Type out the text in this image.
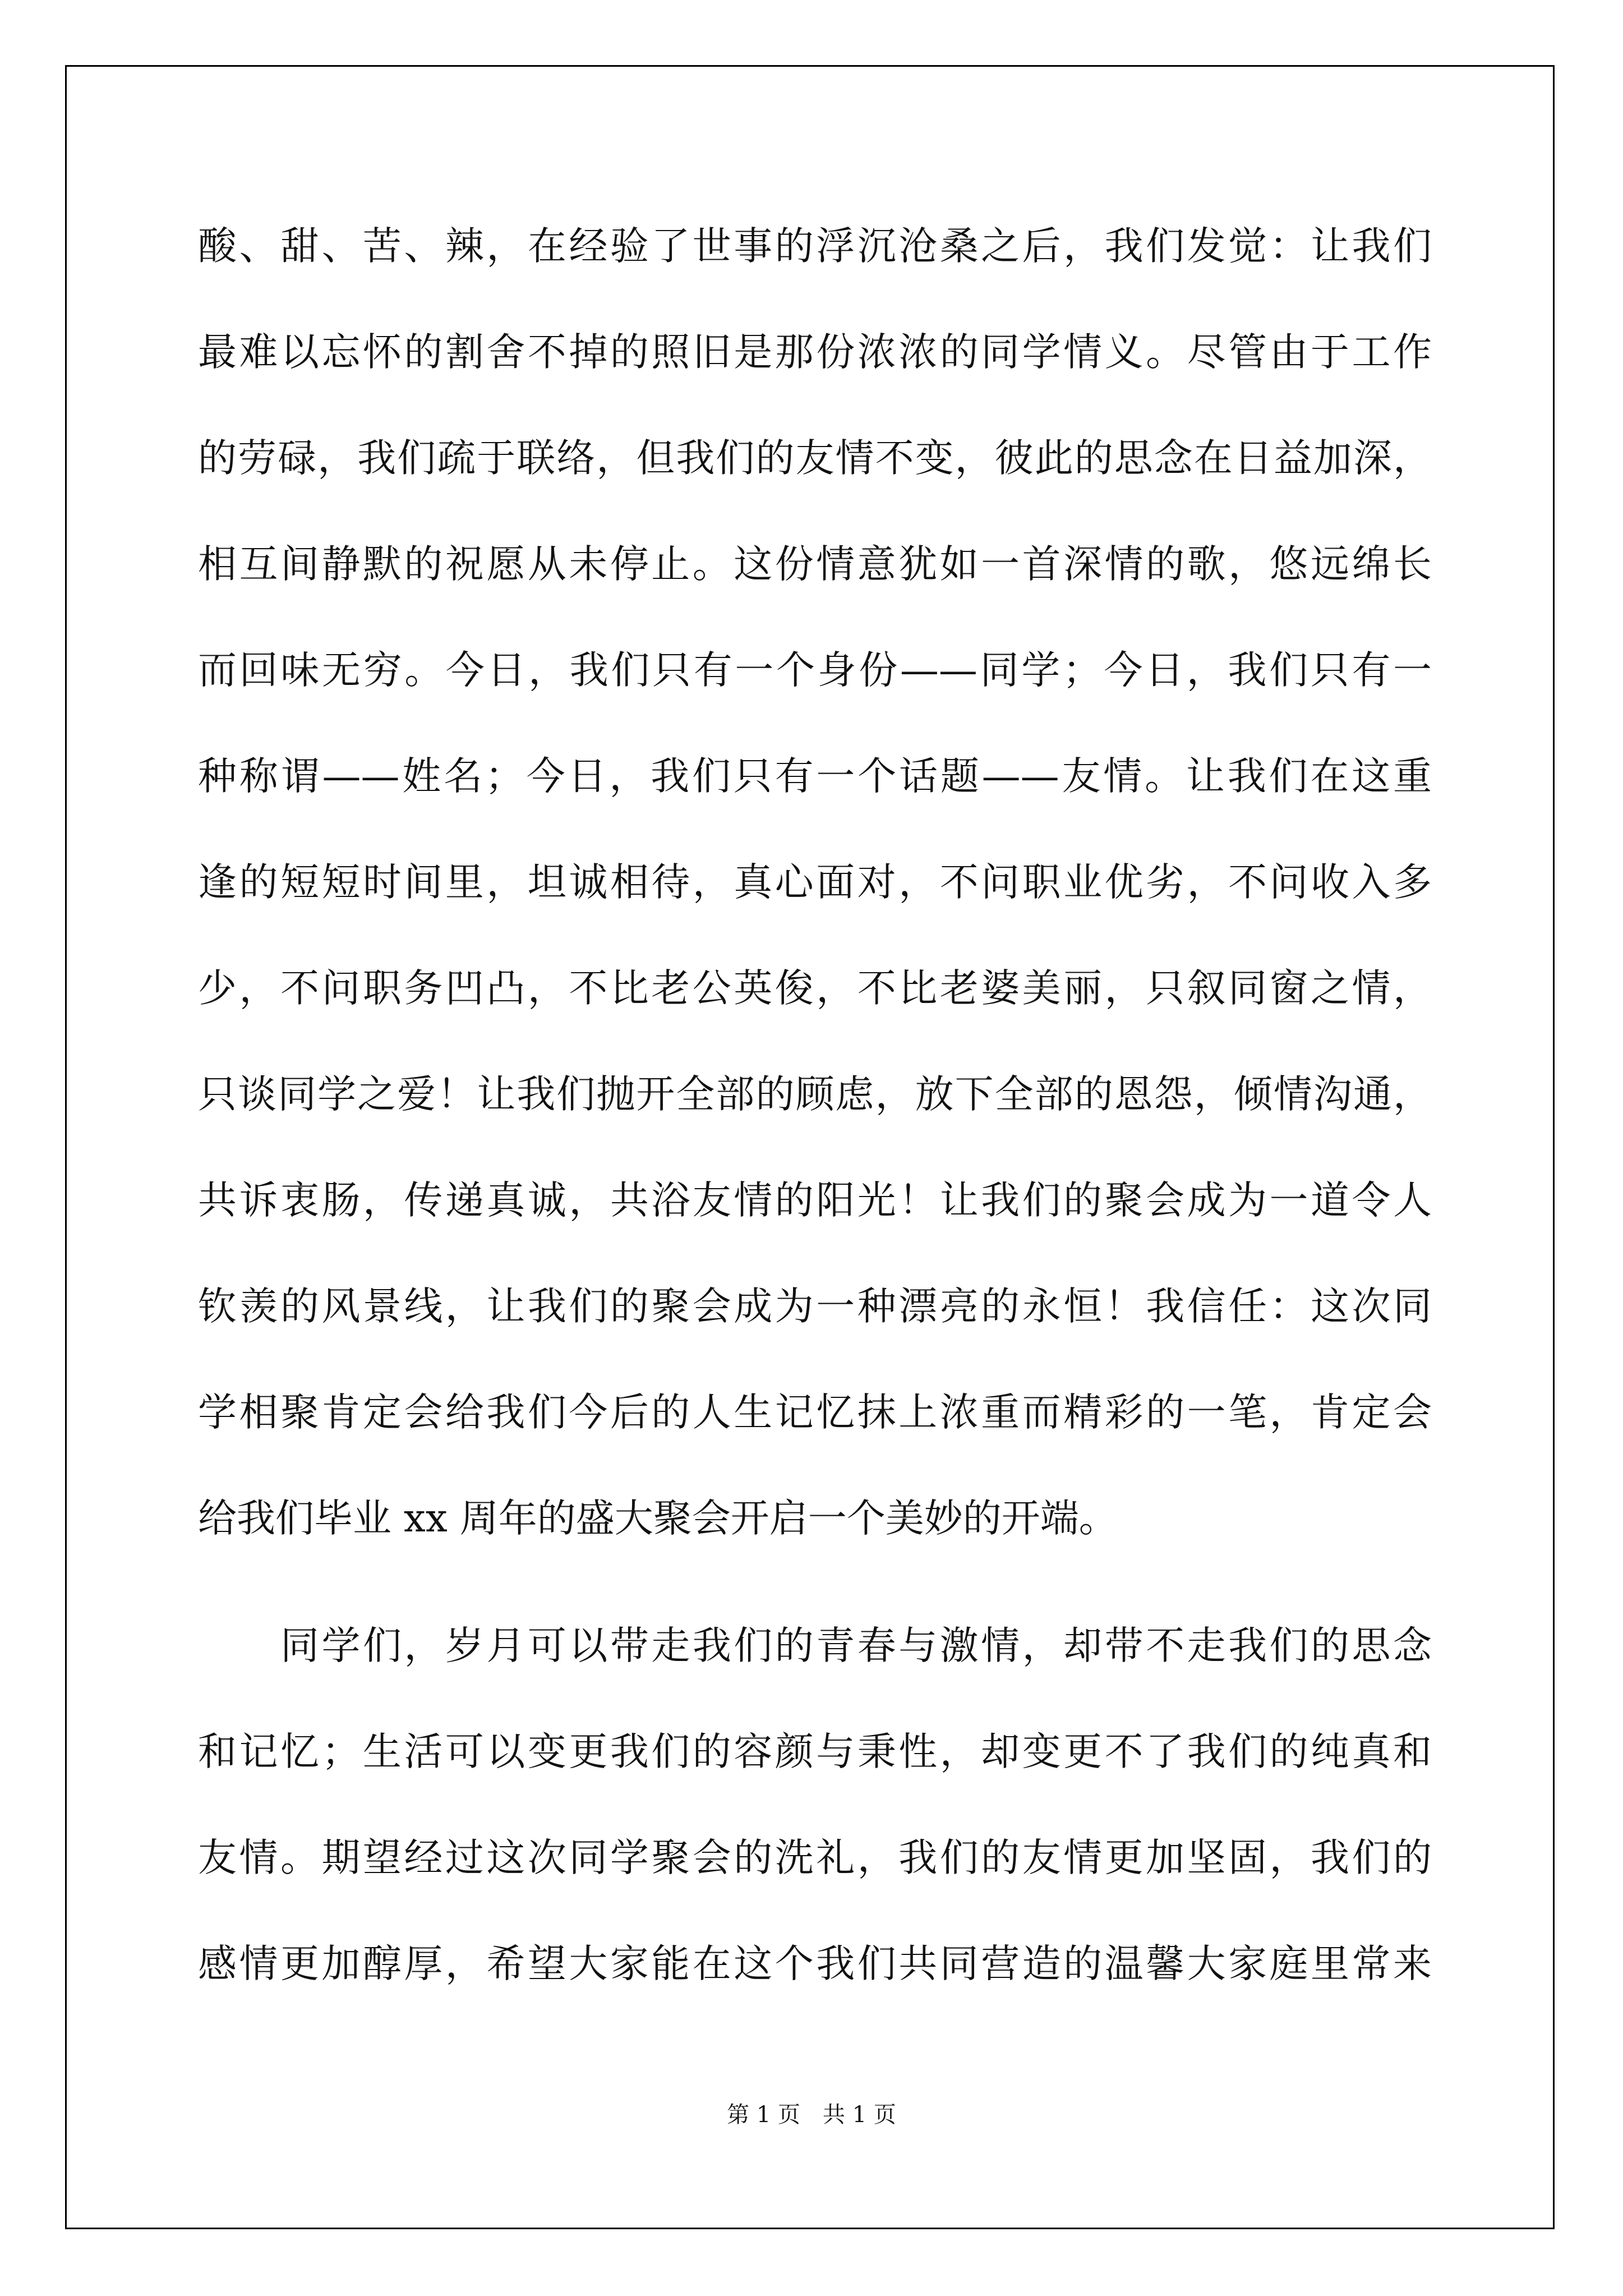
酸、甜、苦、辣，在经验了世事的浮沉沧桑之后，我们发觉：让我们
最难以忘怀的割舍不掉的照旧是那份浓浓的同学情义。尽管由于工作
的劳碌，我们疏于联络，但我们的友情不变，彼此的思念在日益加深，
相互间静默的祝愿从未停止。这份情意犹如一首深情的歌，悠远绵长
而回味无穷。今日，我们只有一个身份——同学；今日，我们只有一
种称谓——姓名；今日，我们只有一个话题——友情。让我们在这重
逢的短短时间里，坦诚相待，真心面对，不问职业优劣，不问收入多
少，不问职务凹凸，不比老公英俊，不比老婆美丽，只叙同窗之情，
只谈同学之爱！让我们抛开全部的顾虑，放下全部的恩怨，倾情沟通，
共诉衷肠，传递真诚，共浴友情的阳光！让我们的聚会成为一道令人
钦羡的风景线，让我们的聚会成为一种漂亮的永恒！我信任：这次同
学相聚肯定会给我们今后的人生记忆抹上浓重而精彩的一笔，肯定会
给我们毕业 xx 周年的盛大聚会开启一个美妙的开端。
同学们，岁月可以带走我们的青春与激情，却带不走我们的思念
和记忆；生活可以变更我们的容颜与秉性，却变更不了我们的纯真和
友情。期望经过这次同学聚会的洗礼，我们的友情更加坚固，我们的
感情更加醇厚，希望大家能在这个我们共同营造的温馨大家庭里常来
第 1 页　共 1 页
